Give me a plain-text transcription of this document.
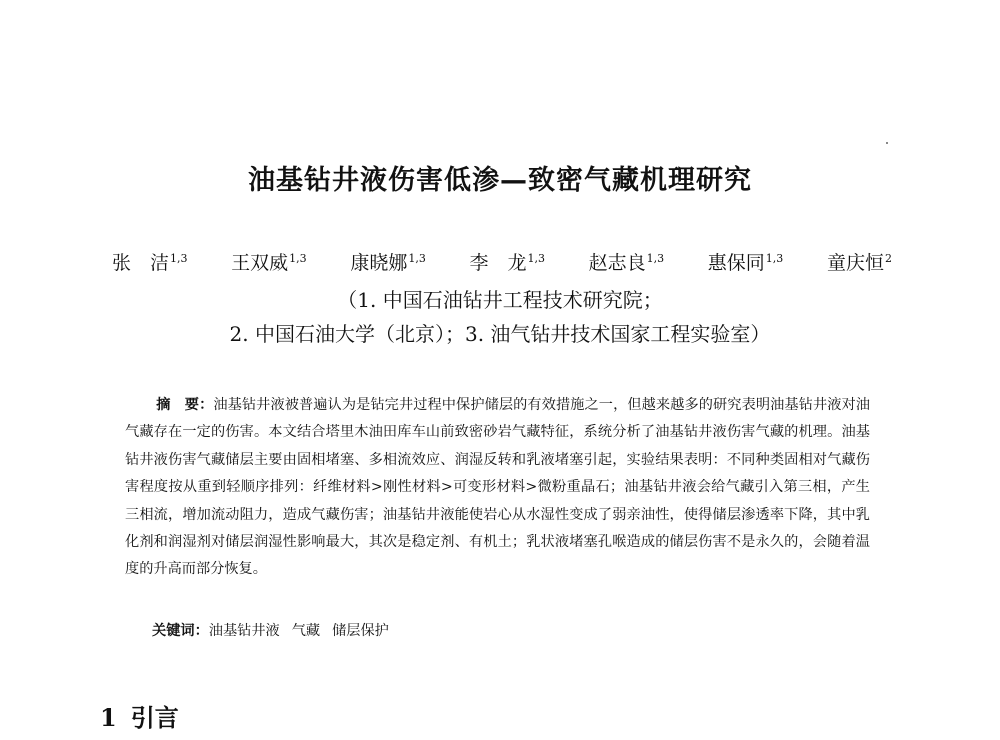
油基钻井液伤害低渗—致密气藏机理研究
张　洁$^{1,3}$ 王双威$^{1,3}$ 康晓娜$^{1,3}$ 李　龙$^{1,3}$ 赵志良$^{1,3}$ 惠保同$^{1,3}$ 童庆恒$^2$
（1. 中国石油钻井工程技术研究院；
2. 中国石油大学（北京）；3. 油气钻井技术国家工程实验室）
摘　要：油基钻井液被普遍认为是钻完井过程中保护储层的有效措施之一，但越来越多的研究表明油基钻井液对油气藏存在一定的伤害。本文结合塔里木油田库车山前致密砂岩气藏特征，系统分析了油基钻井液伤害气藏的机理。油基钻井液伤害气藏储层主要由固相堵塞、多相流效应、润湿反转和乳液堵塞引起，实验结果表明：不同种类固相对气藏伤害程度按从重到轻顺序排列：纤维材料>刚性材料>可变形材料>微粉重晶石；油基钻井液会给气藏引入第三相，产生三相流，增加流动阻力，造成气藏伤害；油基钻井液能使岩心从水湿性变成了弱亲油性，使得储层渗透率下降，其中乳化剂和润湿剂对储层润湿性影响最大，其次是稳定剂、有机土；乳状液堵塞孔喉造成的储层伤害不是永久的，会随着温度的升高而部分恢复。
关键词：油基钻井液 气藏 储层保护
1 引言
